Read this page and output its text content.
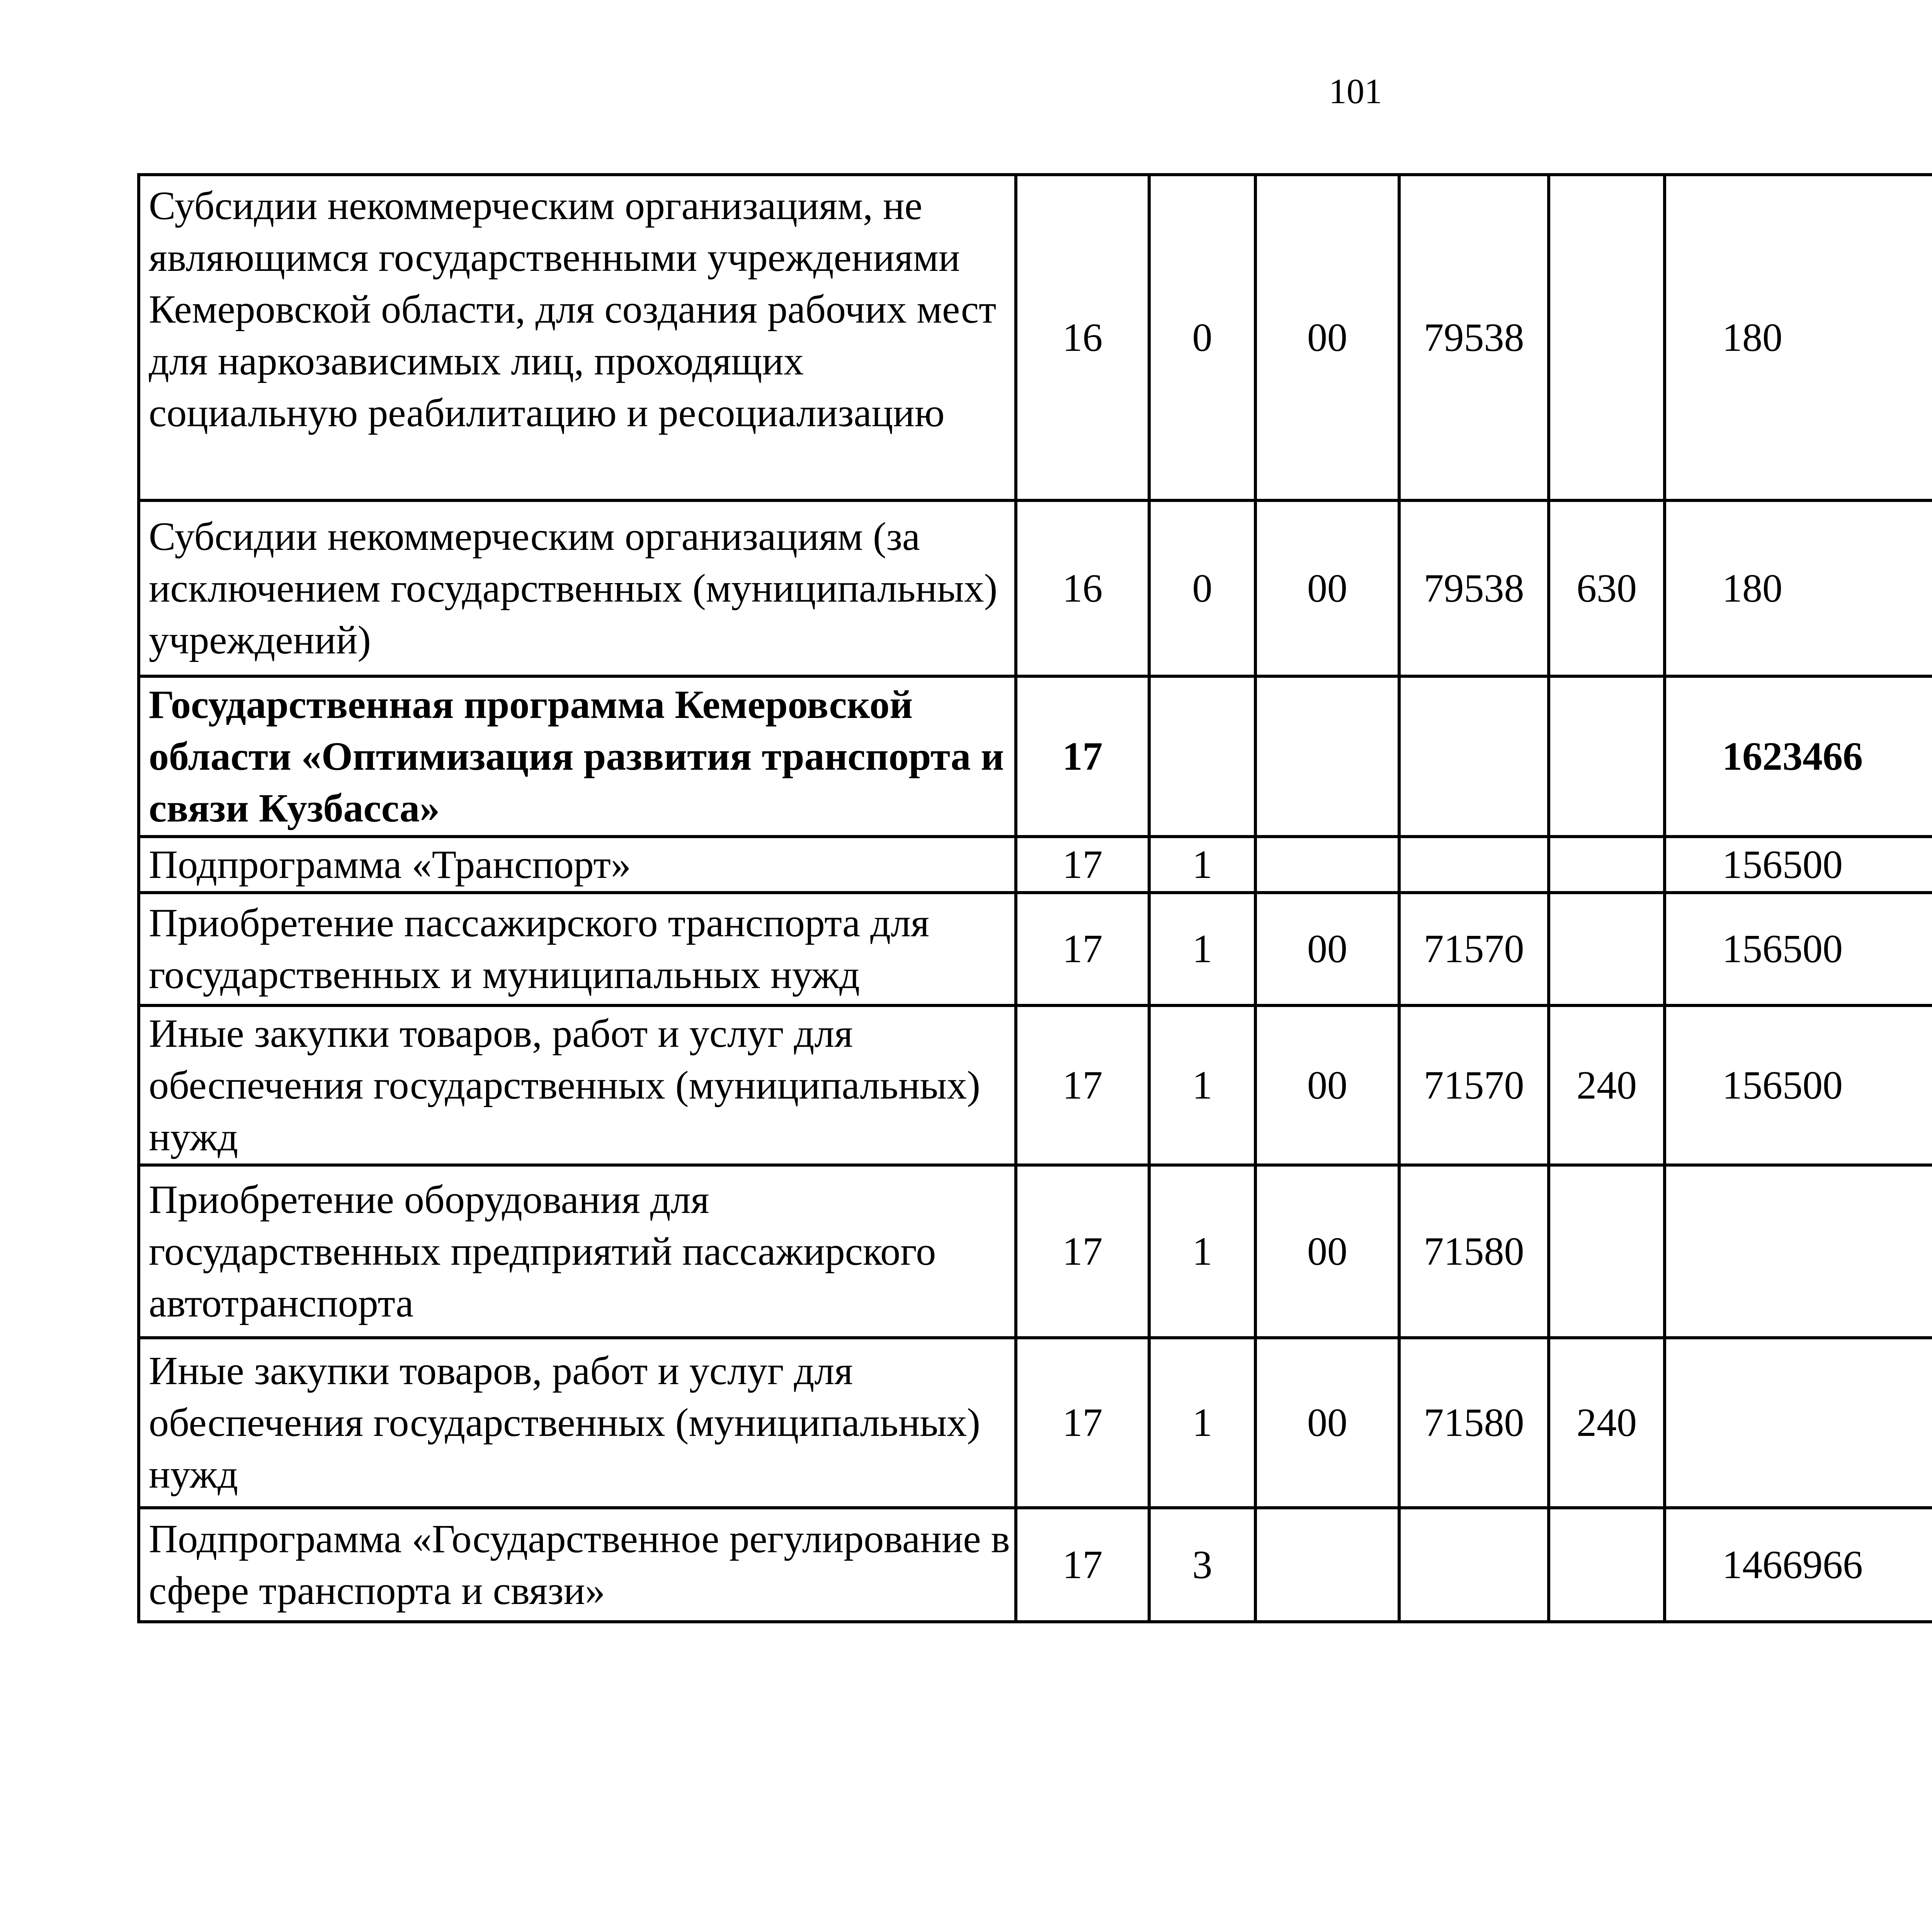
101
Субсидии некоммерческим организациям, не являющимся государственными учреждениями Кемеровской области, для создания рабочих мест для наркозависимых лиц, проходящих социальную реабилитацию и ресоциализацию	16	0	00	79538		180		
Субсидии некоммерческим организациям (за исключением государственных (муниципальных) учреждений)	16	0	00	79538	630	180		
Государственная программа Кемеровской области «Оптимизация развития транспорта и связи Кузбасса»	17					1623466		
Подпрограмма «Транспорт»	17	1				156500		
Приобретение пассажирского транспорта для государственных и муниципальных нужд	17	1	00	71570		156500		
Иные закупки товаров, работ и услуг для обеспечения государственных (муниципальных) нужд	17	1	00	71570	240	156500		
Приобретение оборудования для государственных предприятий пассажирского автотранспорта	17	1	00	71580				
Иные закупки товаров, работ и услуг для обеспечения государственных (муниципальных) нужд	17	1	00	71580	240			
Подпрограмма «Государственное регулирование в сфере транспорта и связи»	17	3				1466966		
